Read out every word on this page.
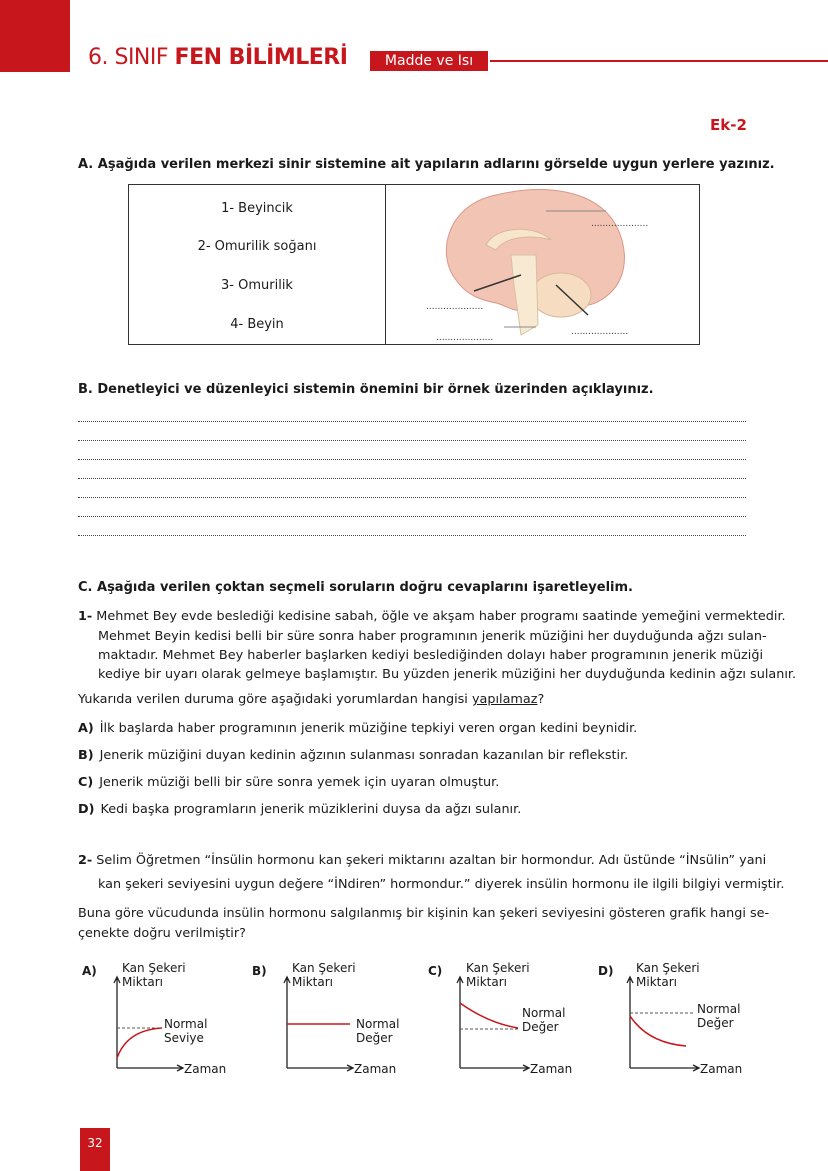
6. SINIF FEN BİLİMLERİ	Madde ve Isı
Ek-2
A. Aşağıda verilen merkezi sinir sistemine ait yapıların adlarını görselde uygun yerlere yazınız.
1- Beyincik
2- Omurilik soğanı
3- Omurilik
4- Beyin
....................
....................
....................
....................
B. Denetleyici ve düzenleyici sistemin önemini bir örnek üzerinden açıklayınız.
C. Aşağıda verilen çoktan seçmeli soruların doğru cevaplarını işaretleyelim.
1- Mehmet Bey evde beslediği kedisine sabah, öğle ve akşam haber programı saatinde yemeğini vermektedir.
Mehmet Beyin kedisi belli bir süre sonra haber programının jenerik müziğini her duyduğunda ağzı sulan-
maktadır. Mehmet Bey haberler başlarken kediyi beslediğinden dolayı haber programının jenerik müziği
kediye bir uyarı olarak gelmeye başlamıştır. Bu yüzden jenerik müziğini her duyduğunda kedinin ağzı sulanır.
Yukarıda verilen duruma göre aşağıdaki yorumlardan hangisi yapılamaz?
A) İlk başlarda haber programının jenerik müziğine tepkiyi veren organ kedini beynidir.
B) Jenerik müziğini duyan kedinin ağzının sulanması sonradan kazanılan bir reflekstir.
C) Jenerik müziği belli bir süre sonra yemek için uyaran olmuştur.
D) Kedi başka programların jenerik müziklerini duysa da ağzı sulanır.
2- Selim Öğretmen “İnsülin hormonu kan şekeri miktarını azaltan bir hormondur. Adı üstünde “İNsülin” yani
kan şekeri seviyesini uygun değere “İNdiren” hormondur.” diyerek insülin hormonu ile ilgili bilgiyi vermiştir.
Buna göre vücudunda insülin hormonu salgılanmış bir kişinin kan şekeri seviyesini gösteren grafik hangi se-
çenekte doğru verilmiştir?
A) Kan Şekeri
Miktarı
Normal
Seviye
Zaman
B) Kan Şekeri
Miktarı
Normal
Değer
Zaman
C) Kan Şekeri
Miktarı
Normal
Değer
Zaman
D) Kan Şekeri
Miktarı
Normal
Değer
Zaman
32
